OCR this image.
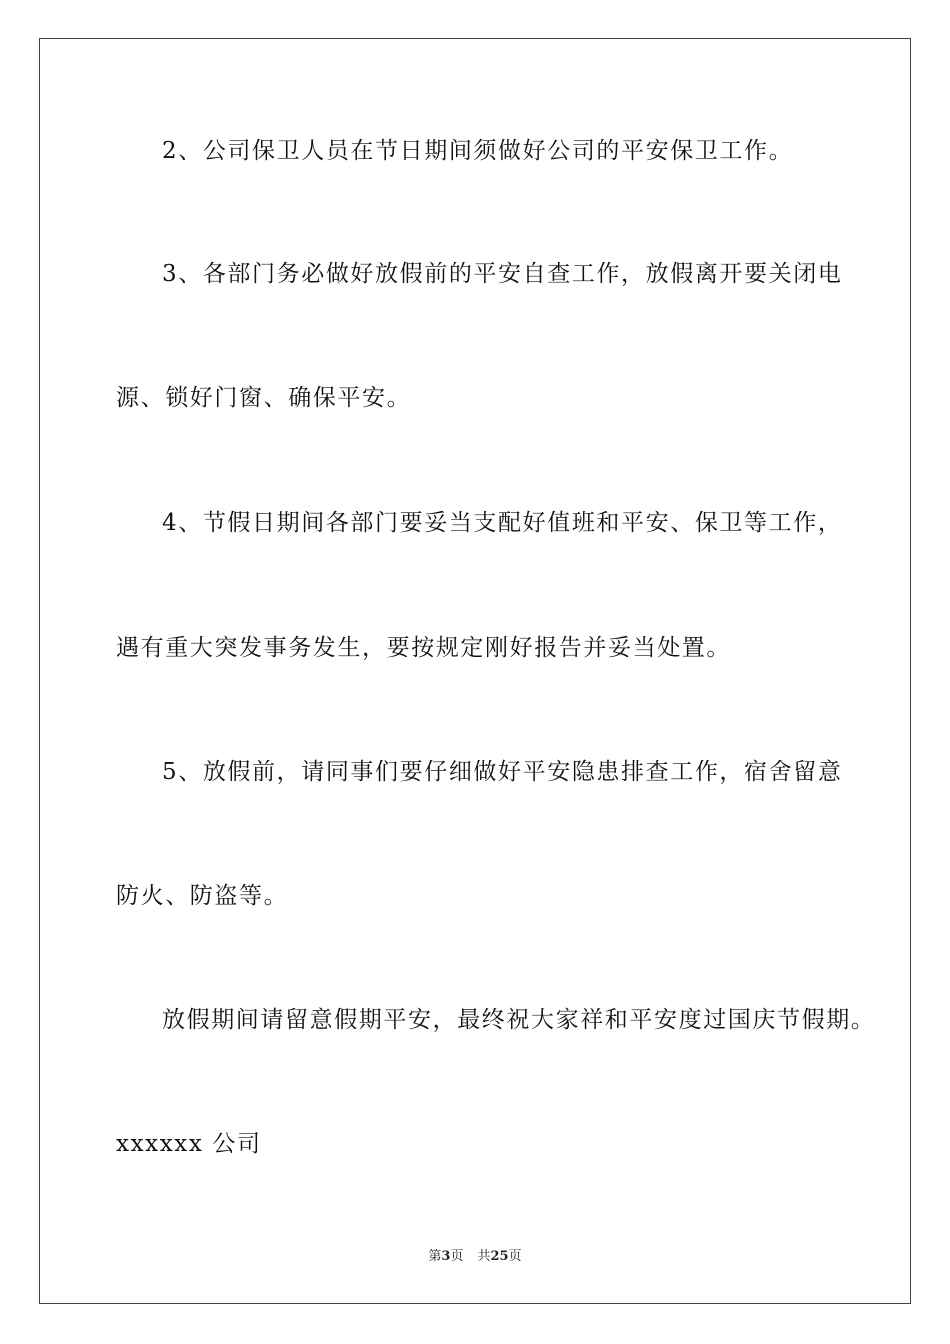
2、公司保卫人员在节日期间须做好公司的平安保卫工作。

3、各部门务必做好放假前的平安自查工作，放假离开要关闭电

源、锁好门窗、确保平安。

4、节假日期间各部门要妥当支配好值班和平安、保卫等工作，

遇有重大突发事务发生，要按规定刚好报告并妥当处置。

5、放假前，请同事们要仔细做好平安隐患排查工作，宿舍留意

防火、防盗等。

放假期间请留意假期平安，最终祝大家祥和平安度过国庆节假期。

xxxxxx 公司

第3页 共25页
